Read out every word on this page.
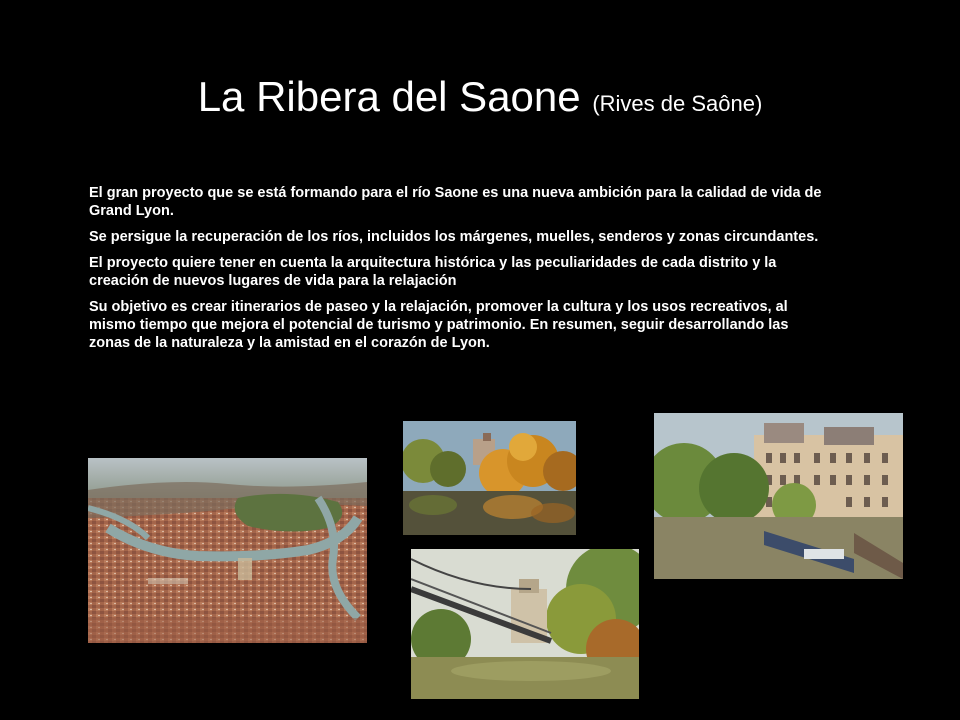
La Ribera del Saone (Rives de Saône)

El gran proyecto que se está formando para el río Saone es una nueva ambición para la calidad de vida de Grand Lyon.

Se persigue la recuperación de los ríos, incluidos los márgenes, muelles, senderos y zonas circundantes.

El proyecto quiere tener en cuenta la arquitectura histórica y las peculiaridades de cada distrito y la creación de nuevos lugares de vida para la relajación

Su objetivo es crear itinerarios de paseo y la relajación, promover la cultura y los usos recreativos, al mismo tiempo que mejora el potencial de turismo y patrimonio. En resumen, seguir desarrollando las zonas de la naturaleza y la amistad en el corazón de Lyon.
